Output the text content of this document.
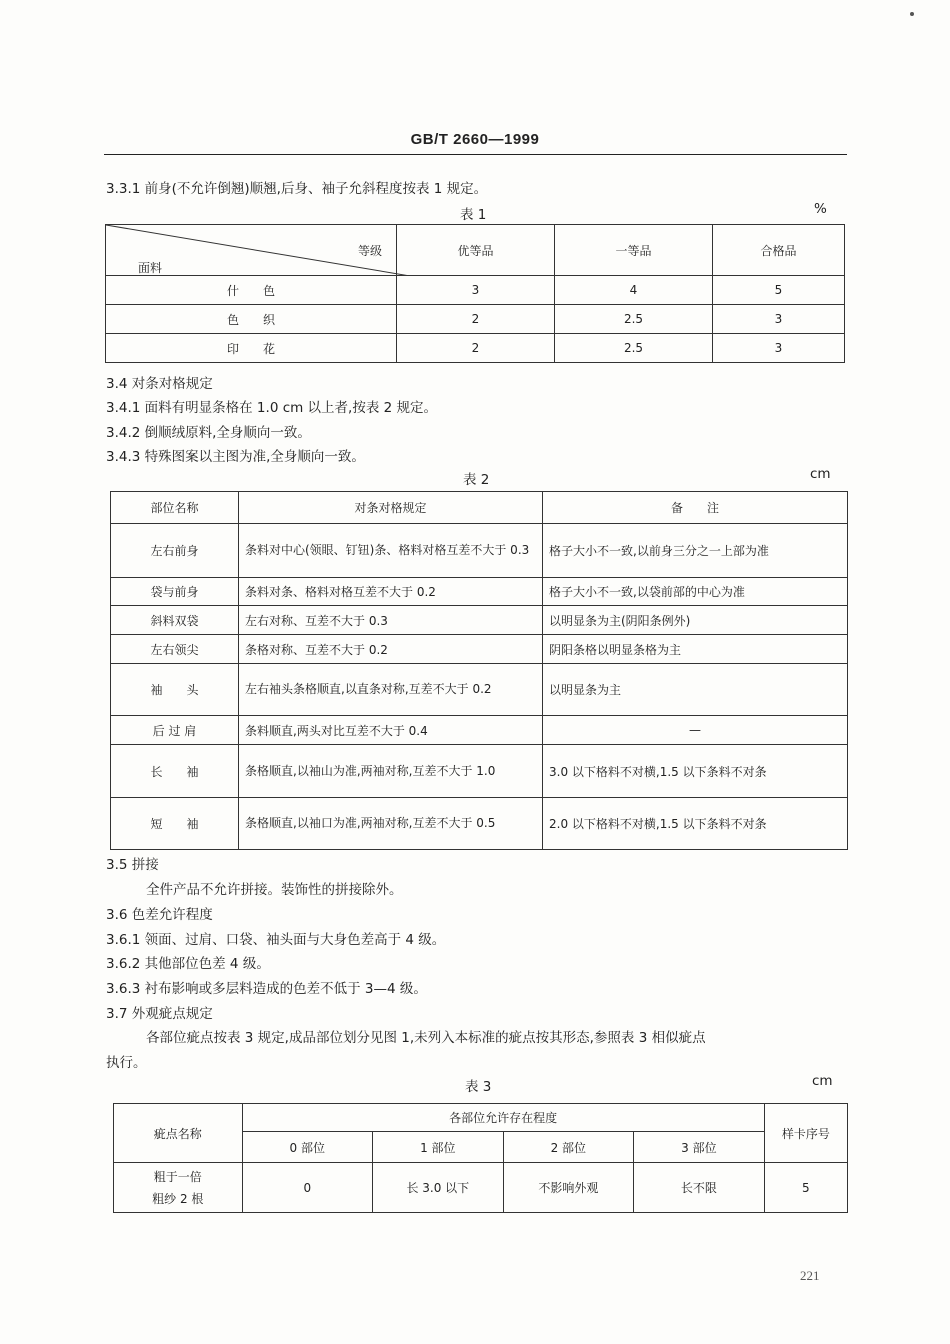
GB/T 2660—1999
3.3.1 前身(不允许倒翘)顺翘,后身、袖子允斜程度按表 1 规定。
表 1	%
等级
面料	优等品	一等品	合格品
什　　色	3	4	5
色　　织	2	2.5	3
印　　花	2	2.5	3
3.4 对条对格规定
3.4.1 面料有明显条格在 1.0 cm 以上者,按表 2 规定。
3.4.2 倒顺绒原料,全身顺向一致。
3.4.3 特殊图案以主图为准,全身顺向一致。
表 2	cm
部位名称	对条对格规定	备　　注
左右前身	条料对中心(领眼、钉钮)条、格料对格互差不大于 0.3	格子大小不一致,以前身三分之一上部为准
袋与前身	条料对条、格料对格互差不大于 0.2	格子大小不一致,以袋前部的中心为准
斜料双袋	左右对称、互差不大于 0.3	以明显条为主(阴阳条例外)
左右领尖	条格对称、互差不大于 0.2	阴阳条格以明显条格为主
袖　　头	左右袖头条格顺直,以直条对称,互差不大于 0.2	以明显条为主
后 过 肩	条料顺直,两头对比互差不大于 0.4	—
长　　袖	条格顺直,以袖山为准,两袖对称,互差不大于 1.0	3.0 以下格料不对横,1.5 以下条料不对条
短　　袖	条格顺直,以袖口为准,两袖对称,互差不大于 0.5	2.0 以下格料不对横,1.5 以下条料不对条
3.5 拼接
全件产品不允许拼接。装饰性的拼接除外。
3.6 色差允许程度
3.6.1 领面、过肩、口袋、袖头面与大身色差高于 4 级。
3.6.2 其他部位色差 4 级。
3.6.3 衬布影响或多层料造成的色差不低于 3—4 级。
3.7 外观疵点规定
各部位疵点按表 3 规定,成品部位划分见图 1,未列入本标准的疵点按其形态,参照表 3 相似疵点
执行。
表 3	cm
疵点名称	各部位允许存在程度				样卡序号
	0 部位	1 部位	2 部位	3 部位	

粗于一倍
粗纱 2 根	0	长 3.0 以下	不影响外观	长不限	5
221
